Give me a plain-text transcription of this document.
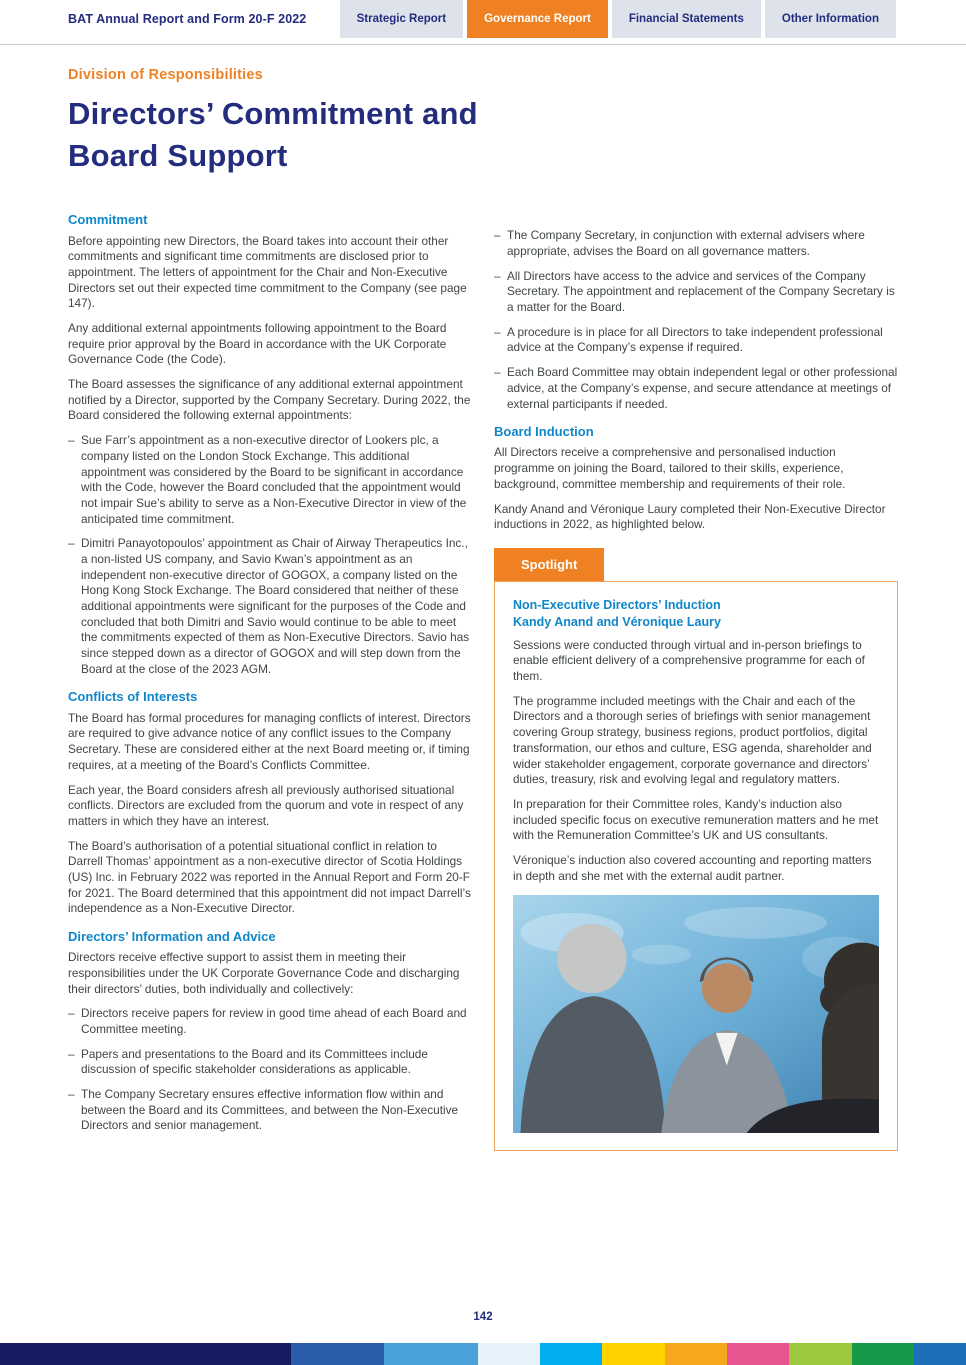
BAT Annual Report and Form 20-F 2022	Strategic Report	Governance Report	Financial Statements	Other Information
Division of Responsibilities
Directors’ Commitment and
Board Support
Commitment

Before appointing new Directors, the Board takes into account their other commitments and significant time commitments are disclosed prior to appointment. The letters of appointment for the Chair and Non-Executive Directors set out their expected time commitment to the Company (see page 147).

Any additional external appointments following appointment to the Board require prior approval by the Board in accordance with the UK Corporate Governance Code (the Code).

The Board assesses the significance of any additional external appointment notified by a Director, supported by the Company Secretary. During 2022, the Board considered the following external appointments:

– Sue Farr’s appointment as a non-executive director of Lookers plc, a company listed on the London Stock Exchange. This additional appointment was considered by the Board to be significant in accordance with the Code, however the Board concluded that the appointment would not impair Sue’s ability to serve as a Non-Executive Director in view of the anticipated time commitment.
– Dimitri Panayotopoulos’ appointment as Chair of Airway Therapeutics Inc., a non-listed US company, and Savio Kwan’s appointment as an independent non-executive director of GOGOX, a company listed on the Hong Kong Stock Exchange. The Board considered that neither of these additional appointments were significant for the purposes of the Code and concluded that both Dimitri and Savio would continue to be able to meet the commitments expected of them as Non-Executive Directors. Savio has since stepped down as a director of GOGOX and will step down from the Board at the close of the 2023 AGM.
Conflicts of Interests

The Board has formal procedures for managing conflicts of interest. Directors are required to give advance notice of any conflict issues to the Company Secretary. These are considered either at the next Board meeting or, if timing requires, at a meeting of the Board’s Conflicts Committee.

Each year, the Board considers afresh all previously authorised situational conflicts. Directors are excluded from the quorum and vote in respect of any matters in which they have an interest.

The Board’s authorisation of a potential situational conflict in relation to Darrell Thomas’ appointment as a non-executive director of Scotia Holdings (US) Inc. in February 2022 was reported in the Annual Report and Form 20-F for 2021. The Board determined that this appointment did not impact Darrell’s independence as a Non-Executive Director.

Directors’ Information and Advice

Directors receive effective support to assist them in meeting their responsibilities under the UK Corporate Governance Code and discharging their directors’ duties, both individually and collectively:

– Directors receive papers for review in good time ahead of each Board and Committee meeting.
– Papers and presentations to the Board and its Committees include discussion of specific stakeholder considerations as applicable.
– The Company Secretary ensures effective information flow within and between the Board and its Committees, and between the Non-Executive Directors and senior management.
– The Company Secretary, in conjunction with external advisers where appropriate, advises the Board on all governance matters.
– All Directors have access to the advice and services of the Company Secretary. The appointment and replacement of the Company Secretary is a matter for the Board.
– A procedure is in place for all Directors to take independent professional advice at the Company’s expense if required.
– Each Board Committee may obtain independent legal or other professional advice, at the Company’s expense, and secure attendance at meetings of external participants if needed.
Board Induction

All Directors receive a comprehensive and personalised induction programme on joining the Board, tailored to their skills, experience, background, committee membership and requirements of their role.

Kandy Anand and Véronique Laury completed their Non-Executive Director inductions in 2022, as highlighted below.

Spotlight
Non-Executive Directors’ Induction
Kandy Anand and Véronique Laury

Sessions were conducted through virtual and in-person briefings to enable efficient delivery of a comprehensive programme for each of them.

The programme included meetings with the Chair and each of the Directors and a thorough series of briefings with senior management covering Group strategy, business regions, product portfolios, digital transformation, our ethos and culture, ESG agenda, shareholder and wider stakeholder engagement, corporate governance and directors’ duties, treasury, risk and evolving legal and regulatory matters.

In preparation for their Committee roles, Kandy’s induction also included specific focus on executive remuneration matters and he met with the Remuneration Committee’s UK and US consultants.

Véronique’s induction also covered accounting and reporting matters in depth and she met with the external audit partner.

142
